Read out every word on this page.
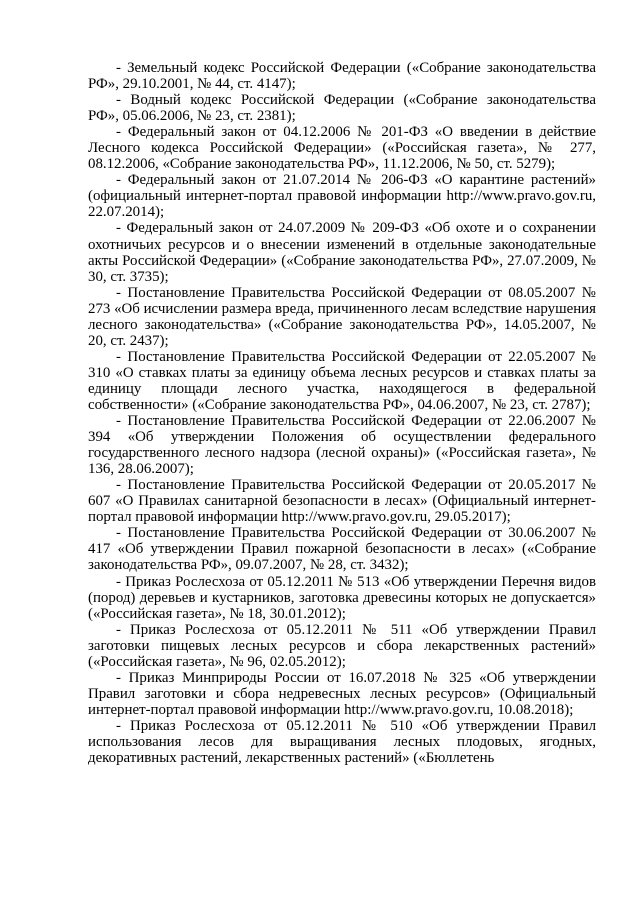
- Земельный кодекс Российской Федерации («Собрание законодательства РФ», 29.10.2001, № 44, ст. 4147);

- Водный кодекс Российской Федерации («Собрание законодательства РФ», 05.06.2006, № 23, ст. 2381);

- Федеральный закон от 04.12.2006 № 201-ФЗ «О введении в действие Лесного кодекса Российской Федерации» («Российская газета», № 277, 08.12.2006, «Собрание законодательства РФ», 11.12.2006, № 50, ст. 5279);

- Федеральный закон от 21.07.2014 № 206-ФЗ «О карантине растений» (официальный интернет-портал правовой информации http://www.pravo.gov.ru, 22.07.2014);

- Федеральный закон от 24.07.2009 № 209-ФЗ «Об охоте и о сохранении охотничьих ресурсов и о внесении изменений в отдельные законодательные акты Российской Федерации» («Собрание законодательства РФ», 27.07.2009, № 30, ст. 3735);

- Постановление Правительства Российской Федерации от 08.05.2007 № 273 «Об исчислении размера вреда, причиненного лесам вследствие нарушения лесного законодательства» («Собрание законодательства РФ», 14.05.2007, № 20, ст. 2437);

- Постановление Правительства Российской Федерации от 22.05.2007 № 310 «О ставках платы за единицу объема лесных ресурсов и ставках платы за единицу площади лесного участка, находящегося в федеральной собственности» («Собрание законодательства РФ», 04.06.2007, № 23, ст. 2787);

- Постановление Правительства Российской Федерации от 22.06.2007 № 394 «Об утверждении Положения об осуществлении федерального государственного лесного надзора (лесной охраны)» («Российская газета», № 136, 28.06.2007);

- Постановление Правительства Российской Федерации от 20.05.2017 № 607 «О Правилах санитарной безопасности в лесах» (Официальный интернет-портал правовой информации http://www.pravo.gov.ru, 29.05.2017);

- Постановление Правительства Российской Федерации от 30.06.2007 № 417 «Об утверждении Правил пожарной безопасности в лесах» («Собрание законодательства РФ», 09.07.2007, № 28, ст. 3432);

- Приказ Рослесхоза от 05.12.2011 № 513 «Об утверждении Перечня видов (пород) деревьев и кустарников, заготовка древесины которых не допускается» («Российская газета», № 18, 30.01.2012);

- Приказ Рослесхоза от 05.12.2011 № 511 «Об утверждении Правил заготовки пищевых лесных ресурсов и сбора лекарственных растений» («Российская газета», № 96, 02.05.2012);

- Приказ Минприроды России от 16.07.2018 № 325 «Об утверждении Правил заготовки и сбора недревесных лесных ресурсов» (Официальный интернет-портал правовой информации http://www.pravo.gov.ru, 10.08.2018);

- Приказ Рослесхоза от 05.12.2011 № 510 «Об утверждении Правил использования лесов для выращивания лесных плодовых, ягодных, декоративных растений, лекарственных растений» («Бюллетень
